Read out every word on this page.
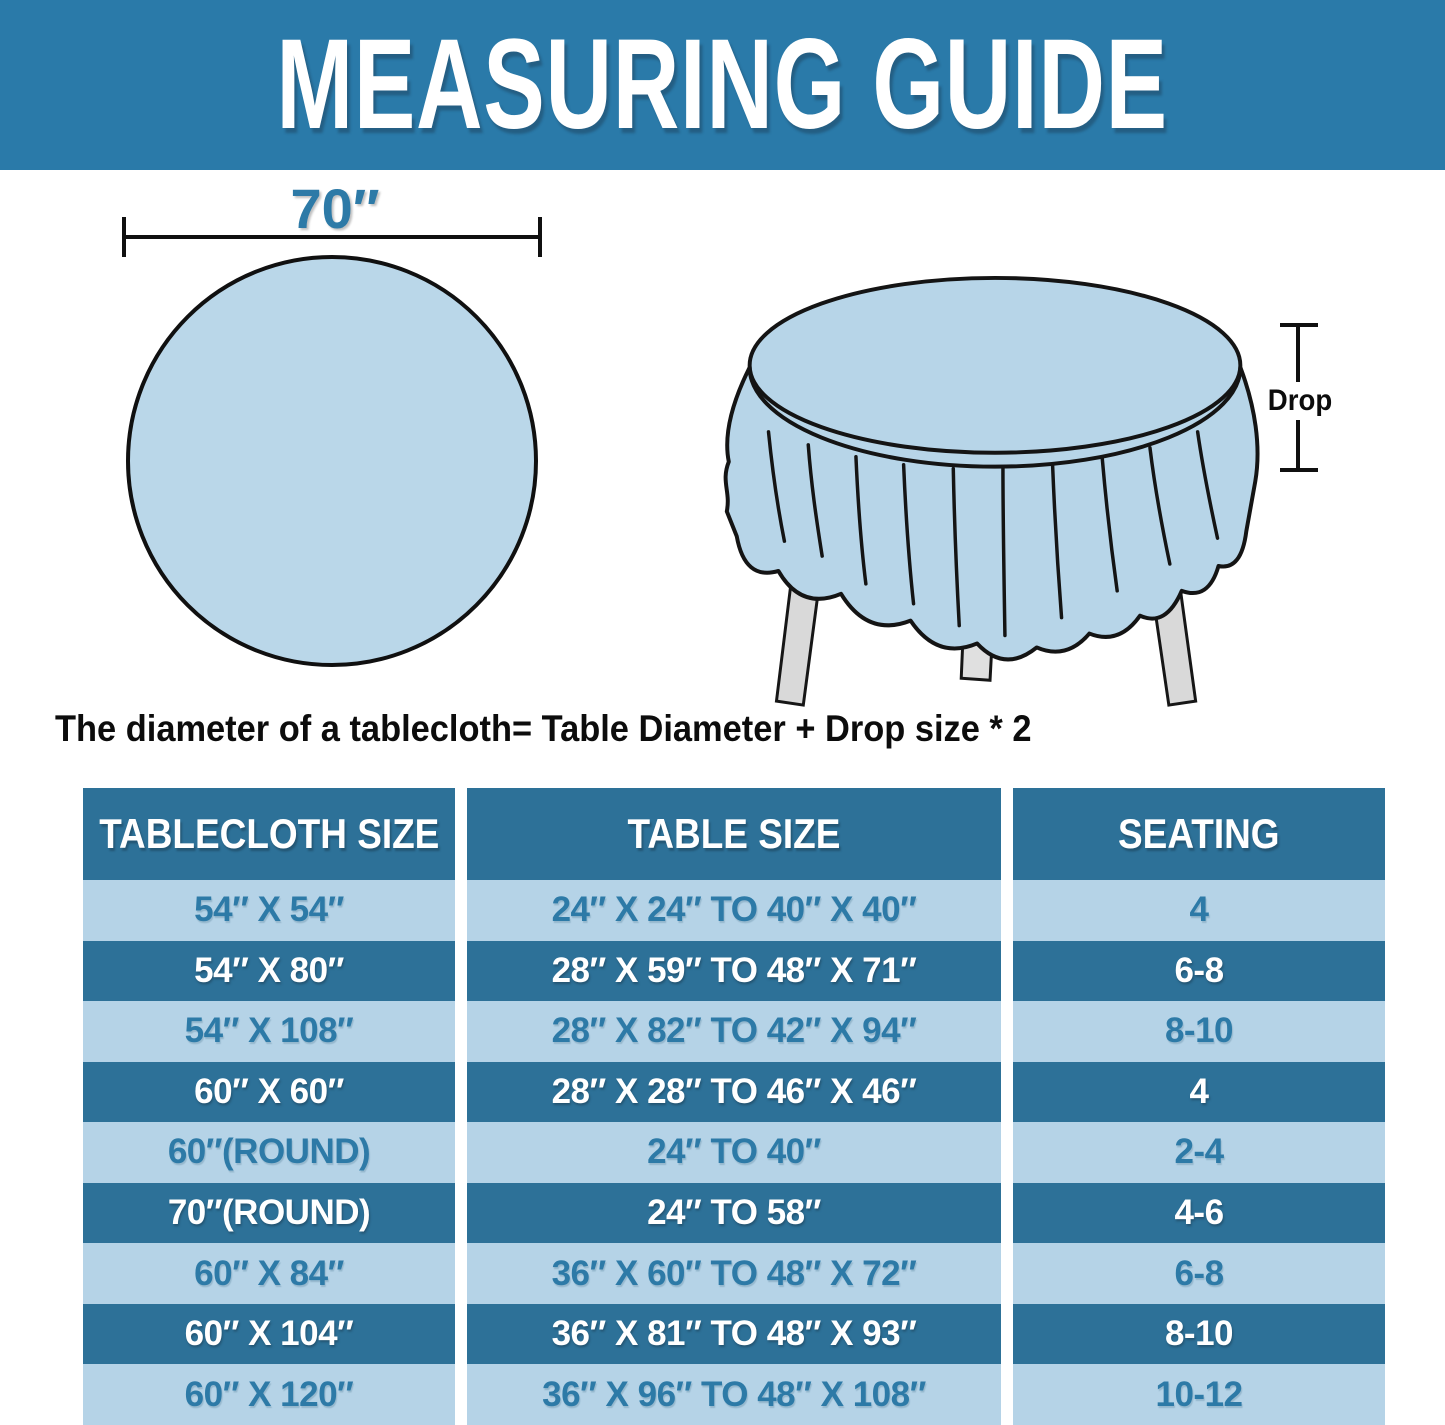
MEASURING GUIDE
70″
Drop
The diameter of a tablecloth= Table Diameter + Drop size * 2
TABLECLOTH SIZE	TABLE SIZE	SEATING
54″ X 54″	24″ X 24″ TO 40″ X 40″	4
54″ X 80″	28″ X 59″ TO 48″ X 71″	6-8
54″ X 108″	28″ X 82″ TO 42″ X 94″	8-10
60″ X 60″	28″ X 28″ TO 46″ X 46″	4
60″(ROUND)	24″ TO 40″	2-4
70″(ROUND)	24″ TO 58″	4-6
60″ X 84″	36″ X 60″ TO 48″ X 72″	6-8
60″ X 104″	36″ X 81″ TO 48″ X 93″	8-10
60″ X 120″	36″ X 96″ TO 48″ X 108″	10-12
